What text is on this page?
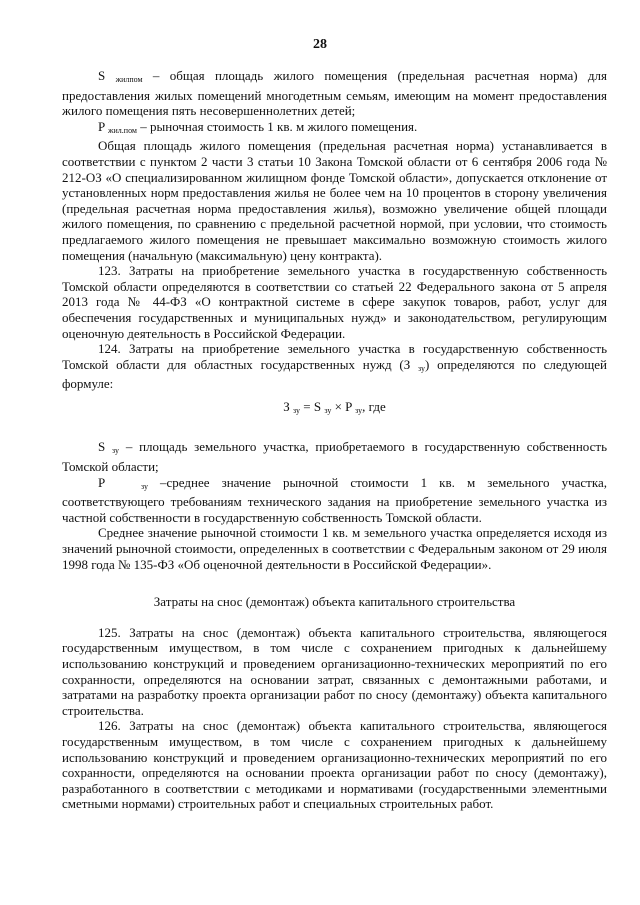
28

S $_{жилпом}$ – общая площадь жилого помещения (предельная расчетная норма) для предоставления жилых помещений многодетным семьям, имеющим на момент предоставления жилого помещения пять несовершеннолетних детей;

P $_{жил.пом}$ – рыночная стоимость 1 кв. м жилого помещения.

Общая площадь жилого помещения (предельная расчетная норма) устанавливается в соответствии с пунктом 2 части 3 статьи 10 Закона Томской области от 6 сентября 2006 года № 212-ОЗ «О специализированном жилищном фонде Томской области», допускается отклонение от установленных норм предоставления жилья не более чем на 10 процентов в сторону увеличения (предельная расчетная норма предоставления жилья), возможно увеличение общей площади жилого помещения, по сравнению с предельной расчетной нормой, при условии, что стоимость предлагаемого жилого помещения не превышает максимально возможную стоимость жилого помещения (начальную (максимальную) цену контракта).

123. Затраты на приобретение земельного участка в государственную собственность Томской области определяются в соответствии со статьей 22 Федерального закона от 5 апреля 2013 года № 44-ФЗ «О контрактной системе в сфере закупок товаров, работ, услуг для обеспечения государственных и муниципальных нужд» и законодательством, регулирующим оценочную деятельность в Российской Федерации.

124. Затраты на приобретение земельного участка в государственную собственность Томской области для областных государственных нужд (З $_{зу}$) определяются по следующей формуле:

З $_{зу}$ = S $_{зу}$ × P $_{зу}$, где

S $_{зу}$ – площадь земельного участка, приобретаемого в государственную собственность Томской области;

P	$_{зу}$ –среднее значение рыночной стоимости 1 кв. м земельного участка, соответствующего требованиям технического задания на приобретение земельного участка из частной собственности в государственную собственность Томской области.

Среднее значение рыночной стоимости 1 кв. м земельного участка определяется исходя из значений рыночной стоимости, определенных в соответствии с Федеральным законом от 29 июля 1998 года № 135-ФЗ «Об оценочной деятельности в Российской Федерации».

Затраты на снос (демонтаж) объекта капитального строительства

125. Затраты на снос (демонтаж) объекта капитального строительства, являющегося государственным имуществом, в том числе с сохранением пригодных к дальнейшему использованию конструкций и проведением организационно-технических мероприятий по его сохранности, определяются на основании затрат, связанных с демонтажными работами, и затратами на разработку проекта организации работ по сносу (демонтажу) объекта капитального строительства.

126. Затраты на снос (демонтаж) объекта капитального строительства, являющегося государственным имуществом, в том числе с сохранением пригодных к дальнейшему использованию конструкций и проведением организационно-технических мероприятий по его сохранности, определяются на основании проекта организации работ по сносу (демонтажу), разработанного в соответствии с методиками и нормативами (государственными элементными сметными нормами) строительных работ и специальных строительных работ.
